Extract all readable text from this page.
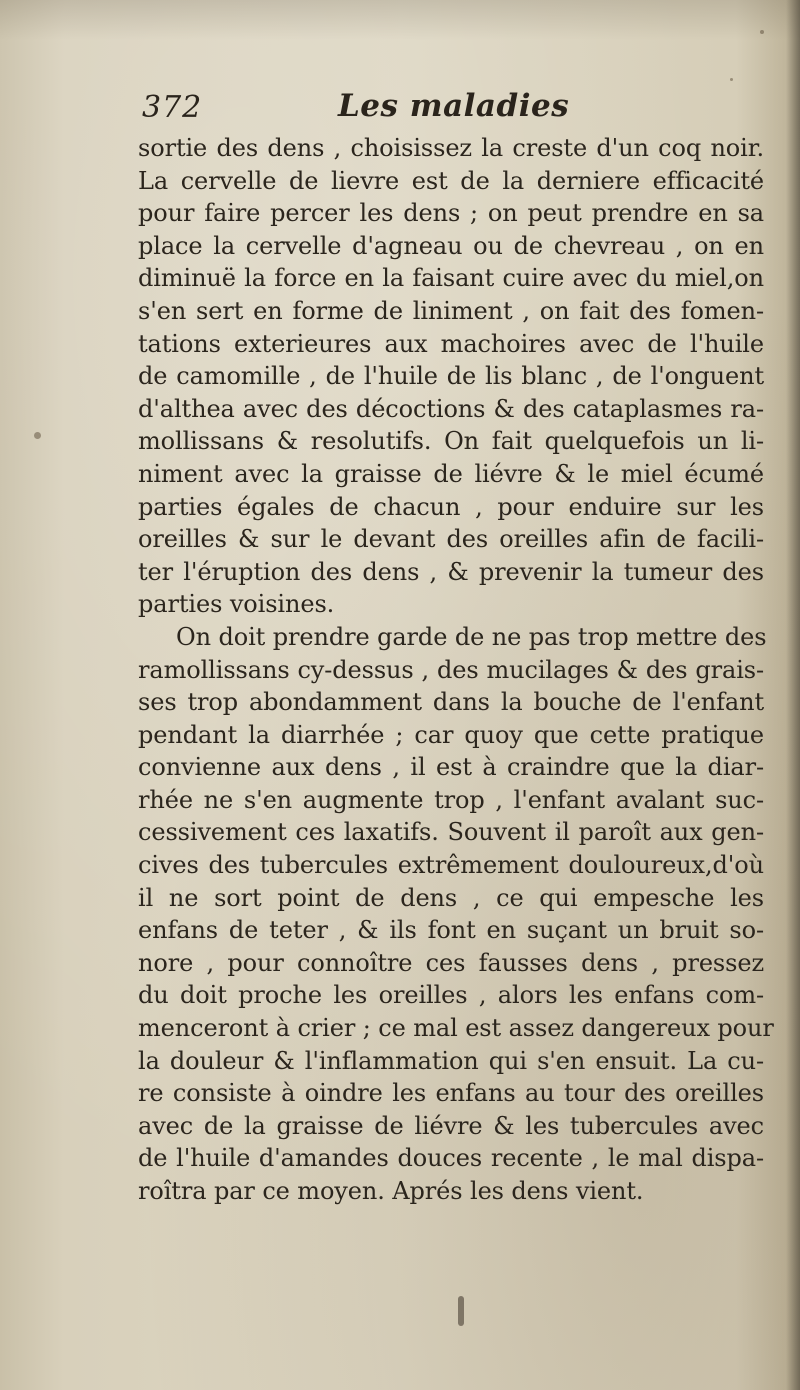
372	Les maladies
sortie des dens , choisissez la creste d'un coq noir.
La cervelle de lievre est de la derniere efficacité
pour faire percer les dens ; on peut prendre en sa
place la cervelle d'agneau ou de chevreau , on en
diminuë la force en la faisant cuire avec du miel,on
s'en sert en forme de liniment , on fait des fomen-
tations exterieures aux machoires avec de l'huile
de camomille , de l'huile de lis blanc , de l'onguent
d'althea avec des décoctions & des cataplasmes ra-
mollissans & resolutifs. On fait quelquefois un li-
niment avec la graisse de liévre & le miel écumé
parties égales de chacun , pour enduire sur les
oreilles & sur le devant des oreilles afin de facili-
ter l'éruption des dens , & prevenir la tumeur des
parties voisines.
On doit prendre garde de ne pas trop mettre des
ramollissans cy-dessus , des mucilages & des grais-
ses trop abondamment dans la bouche de l'enfant
pendant la diarrhée ; car quoy que cette pratique
convienne aux dens , il est à craindre que la diar-
rhée ne s'en augmente trop , l'enfant avalant suc-
cessivement ces laxatifs. Souvent il paroît aux gen-
cives des tubercules extrêmement douloureux,d'où
il ne sort point de dens , ce qui empesche les
enfans de teter , & ils font en suçant un bruit so-
nore , pour connoître ces fausses dens , pressez
du doit proche les oreilles , alors les enfans com-
menceront à crier ; ce mal est assez dangereux pour
la douleur & l'inflammation qui s'en ensuit. La cu-
re consiste à oindre les enfans au tour des oreilles
avec de la graisse de liévre & les tubercules avec
de l'huile d'amandes douces recente , le mal dispa-
roîtra par ce moyen. Aprés les dens vient.
